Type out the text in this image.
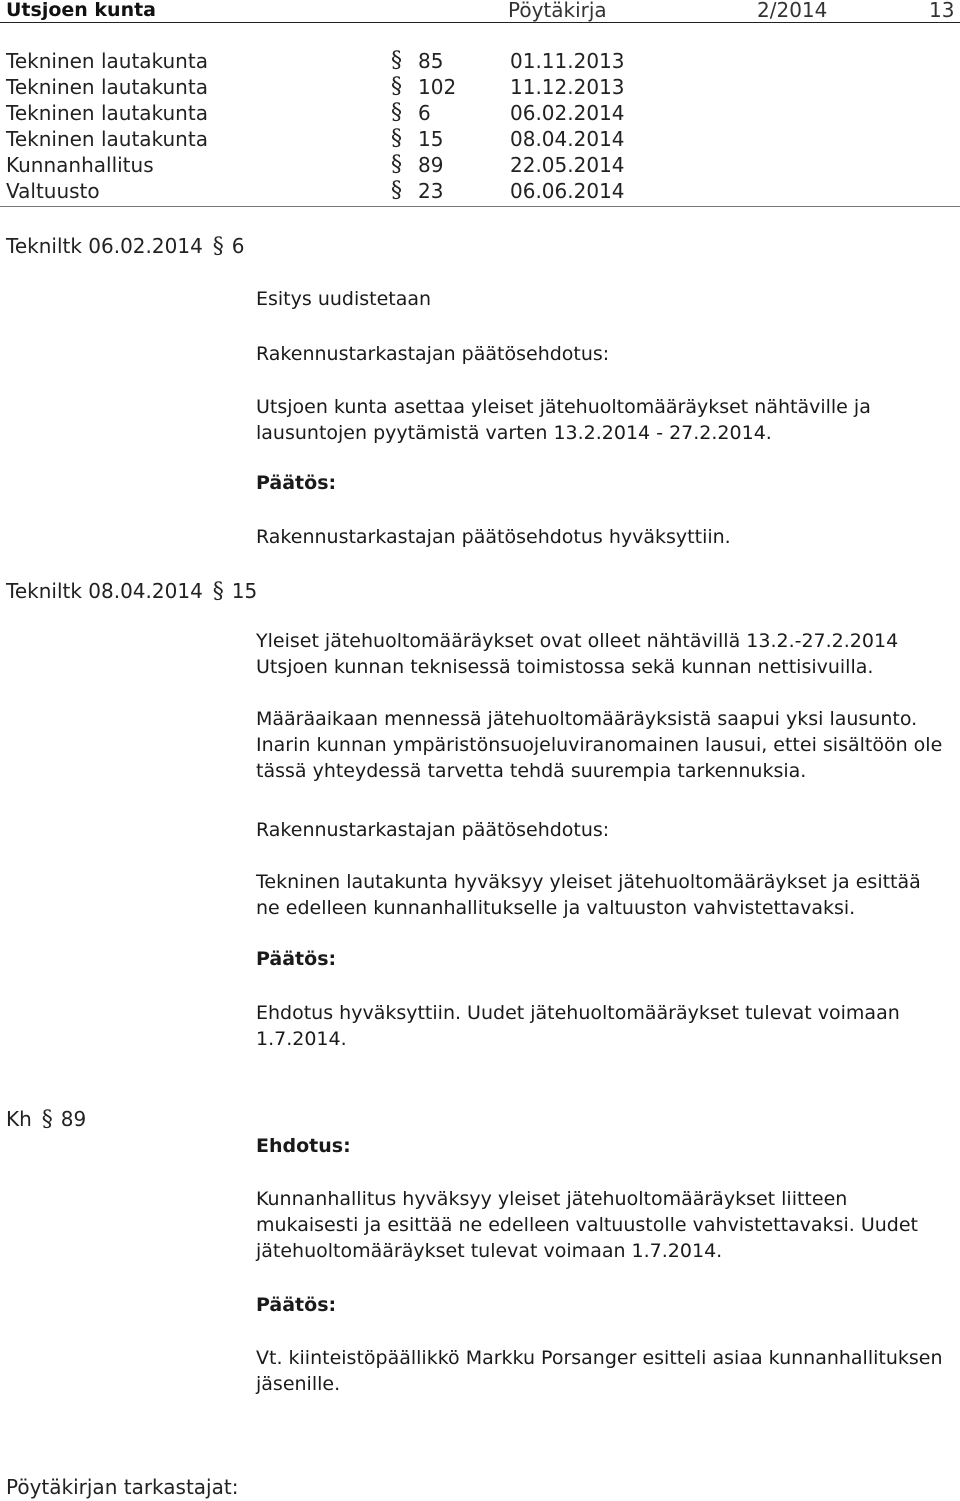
Utsjoen kunta	Pöytäkirja	2/2014	13
Tekninen lautakunta	§ 85	01.11.2013
Tekninen lautakunta	§ 102	11.12.2013
Tekninen lautakunta	§ 6	06.02.2014
Tekninen lautakunta	§ 15	08.04.2014
Kunnanhallitus	§ 89	22.05.2014
Valtuusto	§ 23	06.06.2014
Tekniltk 06.02.2014 § 6
Esitys uudistetaan
Rakennustarkastajan päätösehdotus:
Utsjoen kunta asettaa yleiset jätehuoltomääräykset nähtäville ja lausuntojen pyytämistä varten 13.2.2014 - 27.2.2014.
Päätös:
Rakennustarkastajan päätösehdotus hyväksyttiin.
Tekniltk 08.04.2014 § 15
Yleiset jätehuoltomääräykset ovat olleet nähtävillä 13.2.-27.2.2014 Utsjoen kunnan teknisessä toimistossa sekä kunnan nettisivuilla.
Määräaikaan mennessä jätehuoltomääräyksistä saapui yksi lausunto. Inarin kunnan ympäristönsuojeluviranomainen lausui, ettei sisältöön ole tässä yhteydessä tarvetta tehdä suurempia tarkennuksia.
Rakennustarkastajan päätösehdotus:
Tekninen lautakunta hyväksyy yleiset jätehuoltomääräykset ja esittää ne edelleen kunnanhallitukselle ja valtuuston vahvistettavaksi.
Päätös:
Ehdotus hyväksyttiin. Uudet jätehuoltomääräykset tulevat voimaan 1.7.2014.
Kh § 89
Ehdotus:
Kunnanhallitus hyväksyy yleiset jätehuoltomääräykset liitteen mukaisesti ja esittää ne edelleen valtuustolle vahvistettavaksi. Uudet jätehuoltomääräykset tulevat voimaan 1.7.2014.
Päätös:
Vt. kiinteistöpäällikkö Markku Porsanger esitteli asiaa kunnanhallituksen jäsenille.
Pöytäkirjan tarkastajat:
